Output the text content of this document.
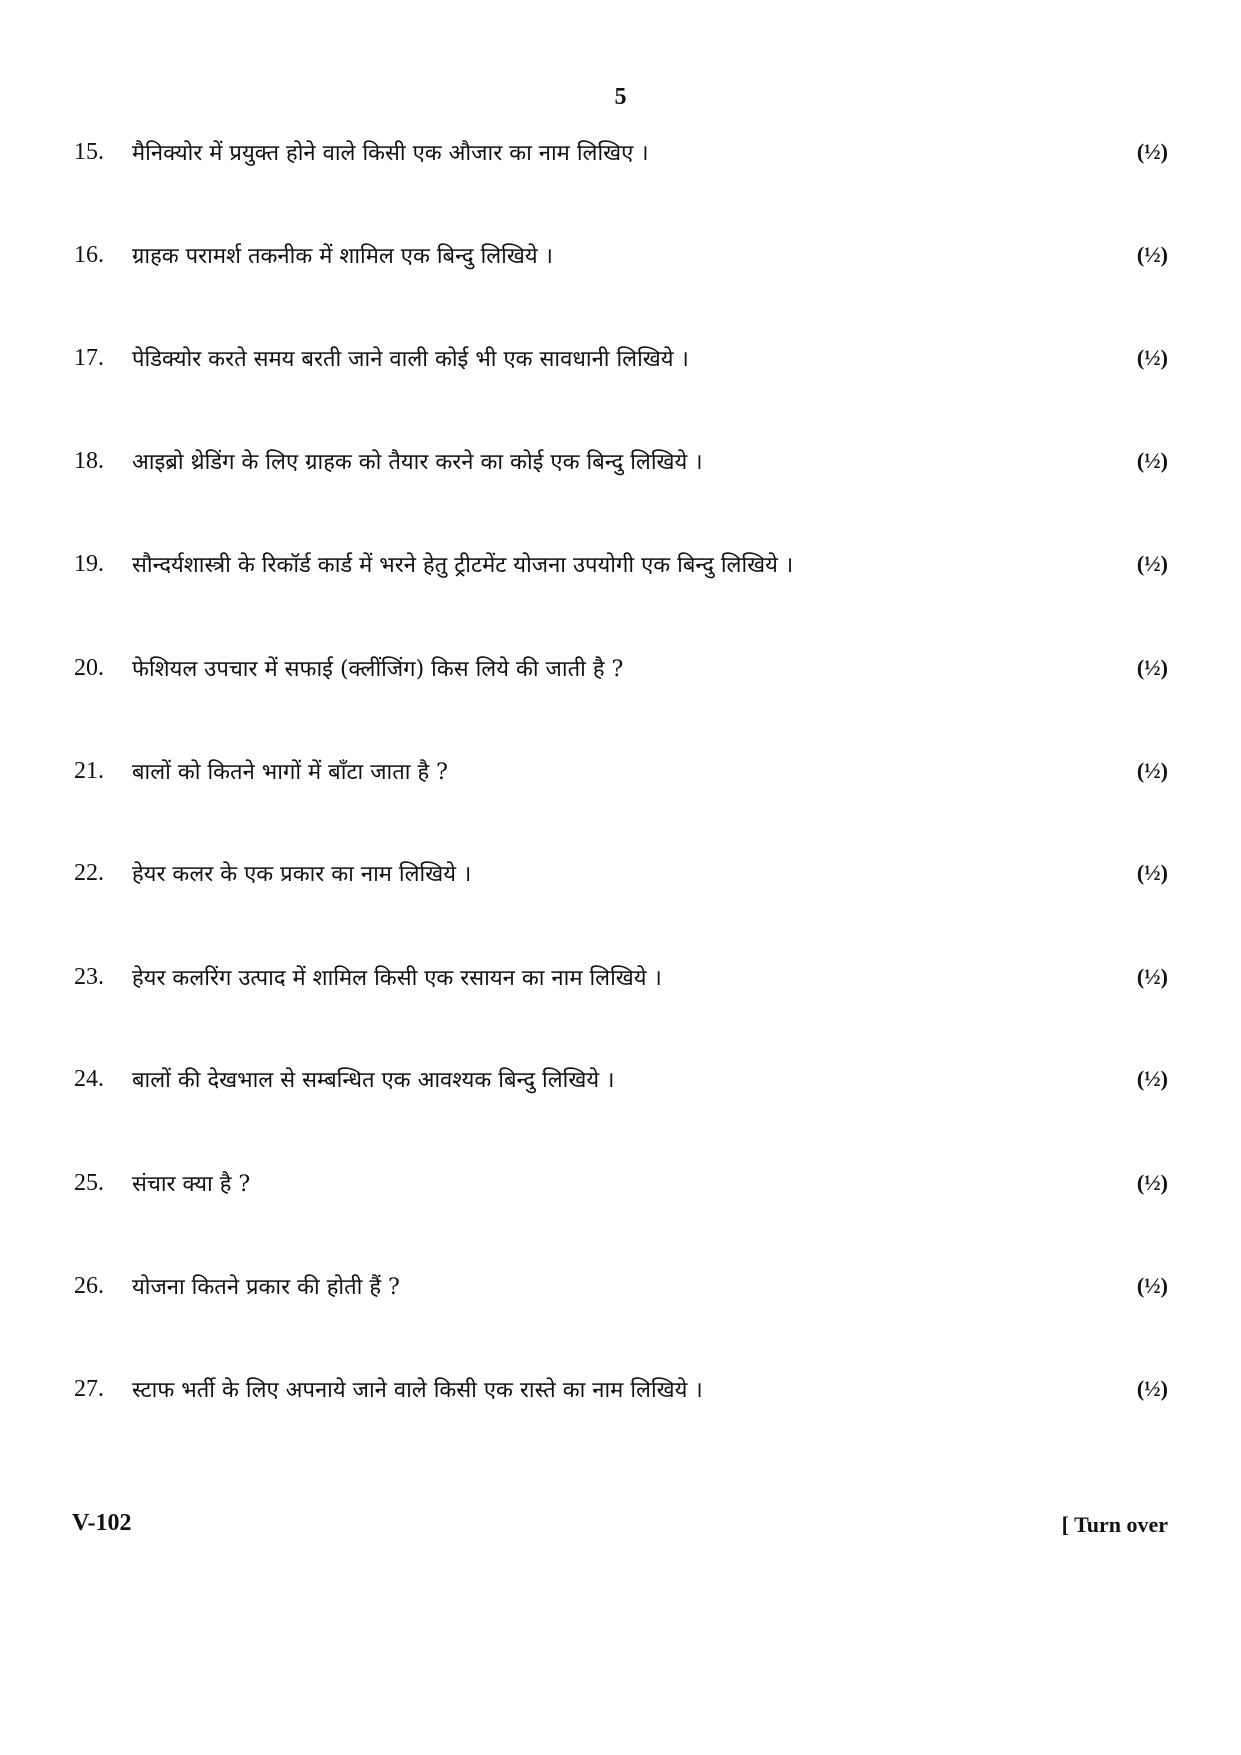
5
15.	मैनिक्योर में प्रयुक्त होने वाले किसी एक औजार का नाम लिखिए ।	(½)
16.	ग्राहक परामर्श तकनीक में शामिल एक बिन्दु लिखिये ।	(½)
17.	पेडिक्योर करते समय बरती जाने वाली कोई भी एक सावधानी लिखिये ।	(½)
18.	आइब्रो थ्रेडिंग के लिए ग्राहक को तैयार करने का कोई एक बिन्दु लिखिये ।	(½)
19.	सौन्दर्यशास्त्री के रिकॉर्ड कार्ड में भरने हेतु ट्रीटमेंट योजना उपयोगी एक बिन्दु लिखिये ।	(½)
20.	फेशियल उपचार में सफाई (क्लींजिंग) किस लिये की जाती है ?	(½)
21.	बालों को कितने भागों में बाँटा जाता है ?	(½)
22.	हेयर कलर के एक प्रकार का नाम लिखिये ।	(½)
23.	हेयर कलरिंग उत्पाद में शामिल किसी एक रसायन का नाम लिखिये ।	(½)
24.	बालों की देखभाल से सम्बन्धित एक आवश्यक बिन्दु लिखिये ।	(½)
25.	संचार क्या है ?	(½)
26.	योजना कितने प्रकार की होती हैं ?	(½)
27.	स्टाफ भर्ती के लिए अपनाये जाने वाले किसी एक रास्ते का नाम लिखिये ।	(½)
V-102	[ Turn over
